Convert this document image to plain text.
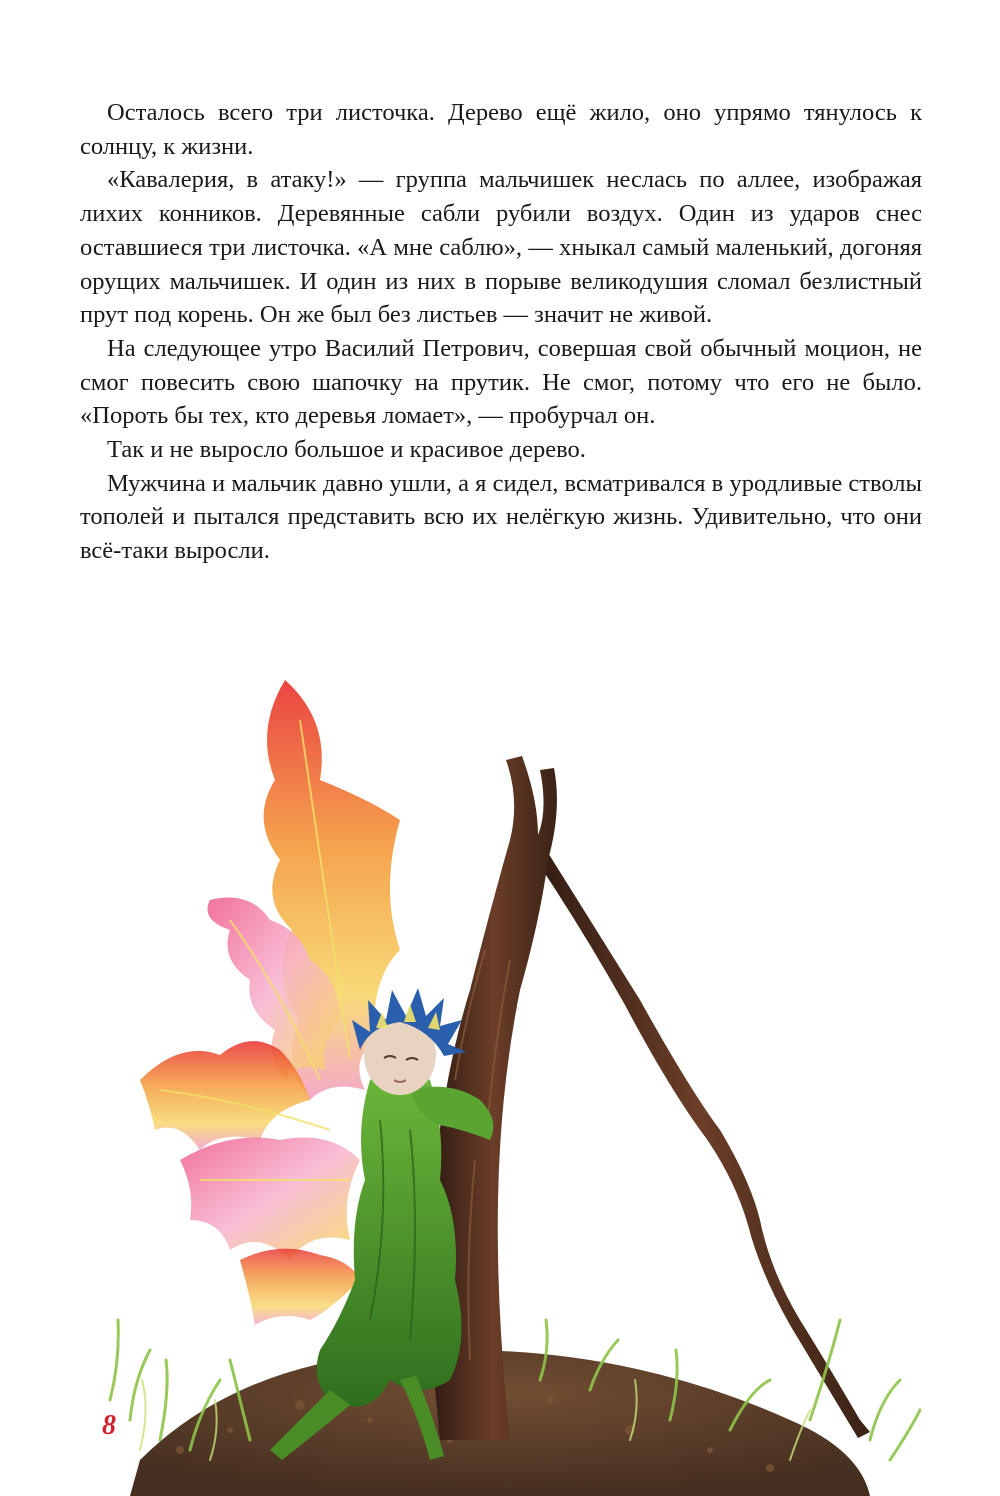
Осталось всего три листочка. Дерево ещё жило, оно упрямо тянулось к солнцу, к жизни.

«Кавалерия, в атаку!» — группа мальчишек неслась по аллее, изображая лихих конников. Деревянные сабли рубили воздух. Один из ударов снес оставшиеся три листочка. «А мне саблю», — хныкал самый маленький, догоняя орущих мальчишек. И один из них в порыве великодушия сломал безлистный прут под корень. Он же был без листьев — значит не живой.

На следующее утро Василий Петрович, совершая свой обычный моцион, не смог повесить свою шапочку на прутик. Не смог, потому что его не было. «Пороть бы тех, кто деревья ломает», — пробурчал он.

Так и не выросло большое и красивое дерево.

Мужчина и мальчик давно ушли, а я сидел, всматривался в уродливые стволы тополей и пытался представить всю их нелёгкую жизнь. Удивительно, что они всё-таки выросли.

8
